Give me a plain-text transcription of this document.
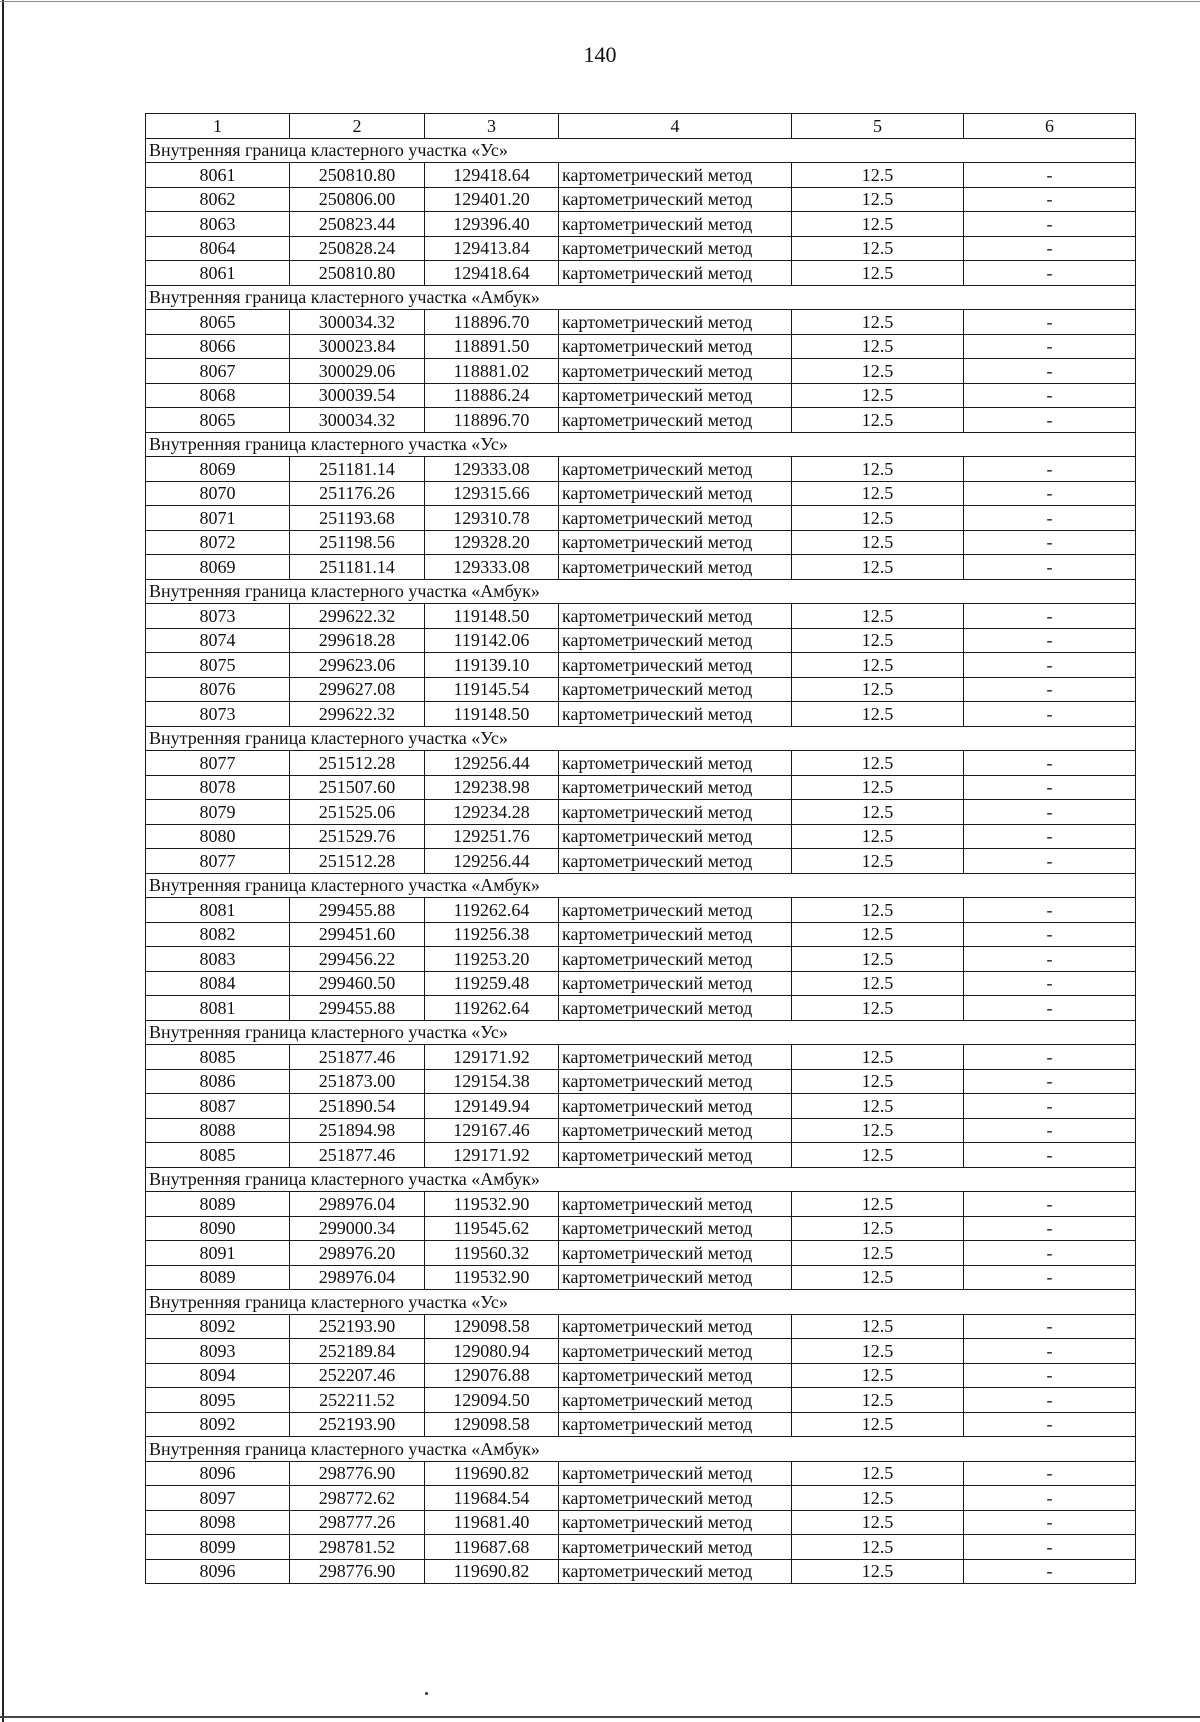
140
1	2	3	4	5	6
Внутренняя граница кластерного участка «Ус»					
8061	250810.80	129418.64	картометрический метод	12.5	-
8062	250806.00	129401.20	картометрический метод	12.5	-
8063	250823.44	129396.40	картометрический метод	12.5	-
8064	250828.24	129413.84	картометрический метод	12.5	-
8061	250810.80	129418.64	картометрический метод	12.5	-
Внутренняя граница кластерного участка «Амбук»					
8065	300034.32	118896.70	картометрический метод	12.5	-
8066	300023.84	118891.50	картометрический метод	12.5	-
8067	300029.06	118881.02	картометрический метод	12.5	-
8068	300039.54	118886.24	картометрический метод	12.5	-
8065	300034.32	118896.70	картометрический метод	12.5	-
Внутренняя граница кластерного участка «Ус»					
8069	251181.14	129333.08	картометрический метод	12.5	-
8070	251176.26	129315.66	картометрический метод	12.5	-
8071	251193.68	129310.78	картометрический метод	12.5	-
8072	251198.56	129328.20	картометрический метод	12.5	-
8069	251181.14	129333.08	картометрический метод	12.5	-
Внутренняя граница кластерного участка «Амбук»					
8073	299622.32	119148.50	картометрический метод	12.5	-
8074	299618.28	119142.06	картометрический метод	12.5	-
8075	299623.06	119139.10	картометрический метод	12.5	-
8076	299627.08	119145.54	картометрический метод	12.5	-
8073	299622.32	119148.50	картометрический метод	12.5	-
Внутренняя граница кластерного участка «Ус»					
8077	251512.28	129256.44	картометрический метод	12.5	-
8078	251507.60	129238.98	картометрический метод	12.5	-
8079	251525.06	129234.28	картометрический метод	12.5	-
8080	251529.76	129251.76	картометрический метод	12.5	-
8077	251512.28	129256.44	картометрический метод	12.5	-
Внутренняя граница кластерного участка «Амбук»					
8081	299455.88	119262.64	картометрический метод	12.5	-
8082	299451.60	119256.38	картометрический метод	12.5	-
8083	299456.22	119253.20	картометрический метод	12.5	-
8084	299460.50	119259.48	картометрический метод	12.5	-
8081	299455.88	119262.64	картометрический метод	12.5	-
Внутренняя граница кластерного участка «Ус»					
8085	251877.46	129171.92	картометрический метод	12.5	-
8086	251873.00	129154.38	картометрический метод	12.5	-
8087	251890.54	129149.94	картометрический метод	12.5	-
8088	251894.98	129167.46	картометрический метод	12.5	-
8085	251877.46	129171.92	картометрический метод	12.5	-
Внутренняя граница кластерного участка «Амбук»					
8089	298976.04	119532.90	картометрический метод	12.5	-
8090	299000.34	119545.62	картометрический метод	12.5	-
8091	298976.20	119560.32	картометрический метод	12.5	-
8089	298976.04	119532.90	картометрический метод	12.5	-
Внутренняя граница кластерного участка «Ус»					
8092	252193.90	129098.58	картометрический метод	12.5	-
8093	252189.84	129080.94	картометрический метод	12.5	-
8094	252207.46	129076.88	картометрический метод	12.5	-
8095	252211.52	129094.50	картометрический метод	12.5	-
8092	252193.90	129098.58	картометрический метод	12.5	-
Внутренняя граница кластерного участка «Амбук»					
8096	298776.90	119690.82	картометрический метод	12.5	-
8097	298772.62	119684.54	картометрический метод	12.5	-
8098	298777.26	119681.40	картометрический метод	12.5	-
8099	298781.52	119687.68	картометрический метод	12.5	-
8096	298776.90	119690.82	картометрический метод	12.5	-
